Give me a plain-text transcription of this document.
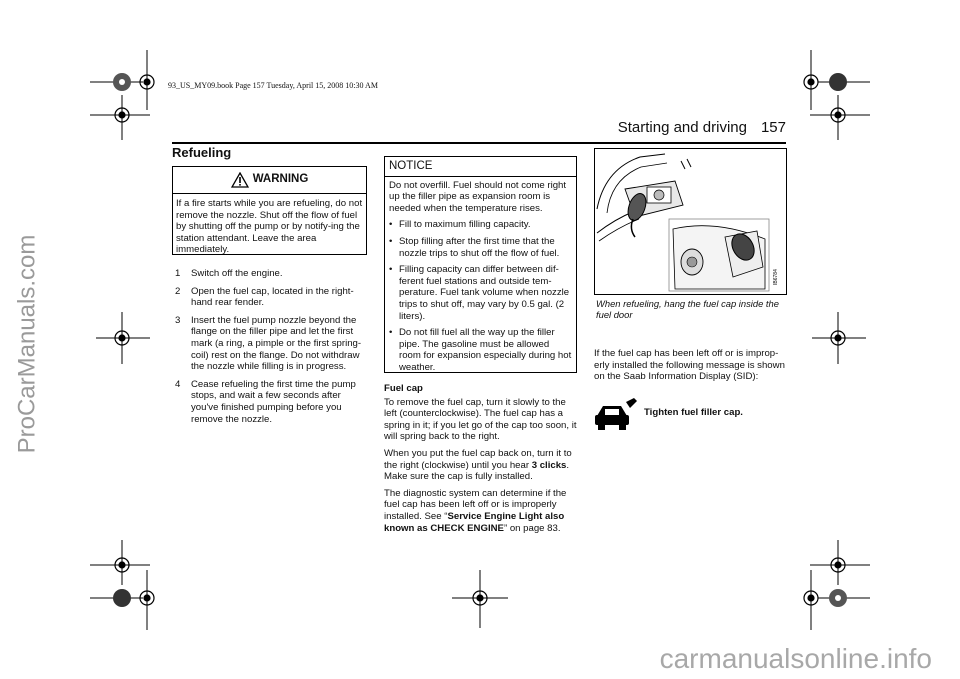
93_US_MY09.book Page 157 Tuesday, April 15, 2008 10:30 AM
Starting and driving 157
Refueling
WARNING
If a fire starts while you are refueling, do not remove the nozzle. Shut off the flow of fuel by shutting off the pump or by notify-ing the station attendant. Leave the area immediately.
1	Switch off the engine.
2	Open the fuel cap, located in the right-hand rear fender.
3	Insert the fuel pump nozzle beyond the flange on the filler pipe and let the first mark (a ring, a pimple or the first spring-coil) rest on the flange. Do not withdraw the nozzle while filling is in progress.
4	Cease refueling the first time the pump stops, and wait a few seconds after you've finished pumping before you remove the nozzle.
NOTICE
Do not overfill. Fuel should not come right up the filler pipe as expansion room is needed when the temperature rises.
• Fill to maximum filling capacity.
• Stop filling after the first time that the nozzle trips to shut off the flow of fuel.
• Filling capacity can differ between dif-ferent fuel stations and outside tem-perature. Fuel tank volume when nozzle trips to shut off, may vary by 0.5 gal. (2 liters).
• Do not fill fuel all the way up the filler pipe. The gasoline must be allowed room for expansion especially during hot weather.

Fuel cap

To remove the fuel cap, turn it slowly to the left (counterclockwise). The fuel cap has a spring in it; if you let go of the cap too soon, it will spring back to the right.

When you put the fuel cap back on, turn it to the right (clockwise) until you hear 3 clicks. Make sure the cap is fully installed.

The diagnostic system can determine if the fuel cap has been left off or is improperly installed. See “Service Engine Light also known as CHECK ENGINE” on page 83.

IB6784
When refueling, hang the fuel cap inside the fuel door
If the fuel cap has been left off or is improp-erly installed the following message is shown on the Saab Information Display (SID):
Tighten fuel filler cap.
ProCarManuals.com
carmanualsonline.info
